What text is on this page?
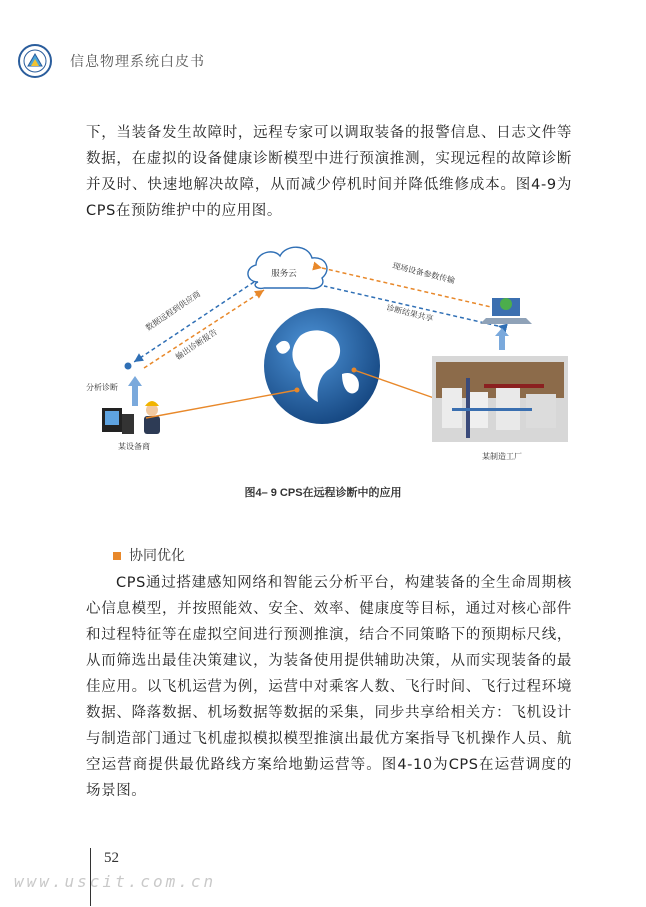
信息物理系统白皮书

下，当装备发生故障时，远程专家可以调取装备的报警信息、日志文件等数据，在虚拟的设备健康诊断模型中进行预演推测，实现远程的故障诊断并及时、快速地解决故障，从而减少停机时间并降低维修成本。图4-9为CPS在预防维护中的应用图。

服务云
数据远程到供应商
输出诊断报告
现场设备参数传输
诊断结果共享
分析诊断
某设备商
某制造工厂
图4– 9 CPS在远程诊断中的应用
协同优化

CPS通过搭建感知网络和智能云分析平台，构建装备的全生命周期核心信息模型，并按照能效、安全、效率、健康度等目标，通过对核心部件和过程特征等在虚拟空间进行预测推演，结合不同策略下的预期标尺线，从而筛选出最佳决策建议，为装备使用提供辅助决策，从而实现装备的最佳应用。以飞机运营为例，运营中对乘客人数、飞行时间、飞行过程环境数据、降落数据、机场数据等数据的采集，同步共享给相关方：飞机设计与制造部门通过飞机虚拟模拟模型推演出最优方案指导飞机操作人员、航空运营商提供最优路线方案给地勤运营等。图4-10为CPS在运营调度的场景图。

52
www.uscit.com.cn
